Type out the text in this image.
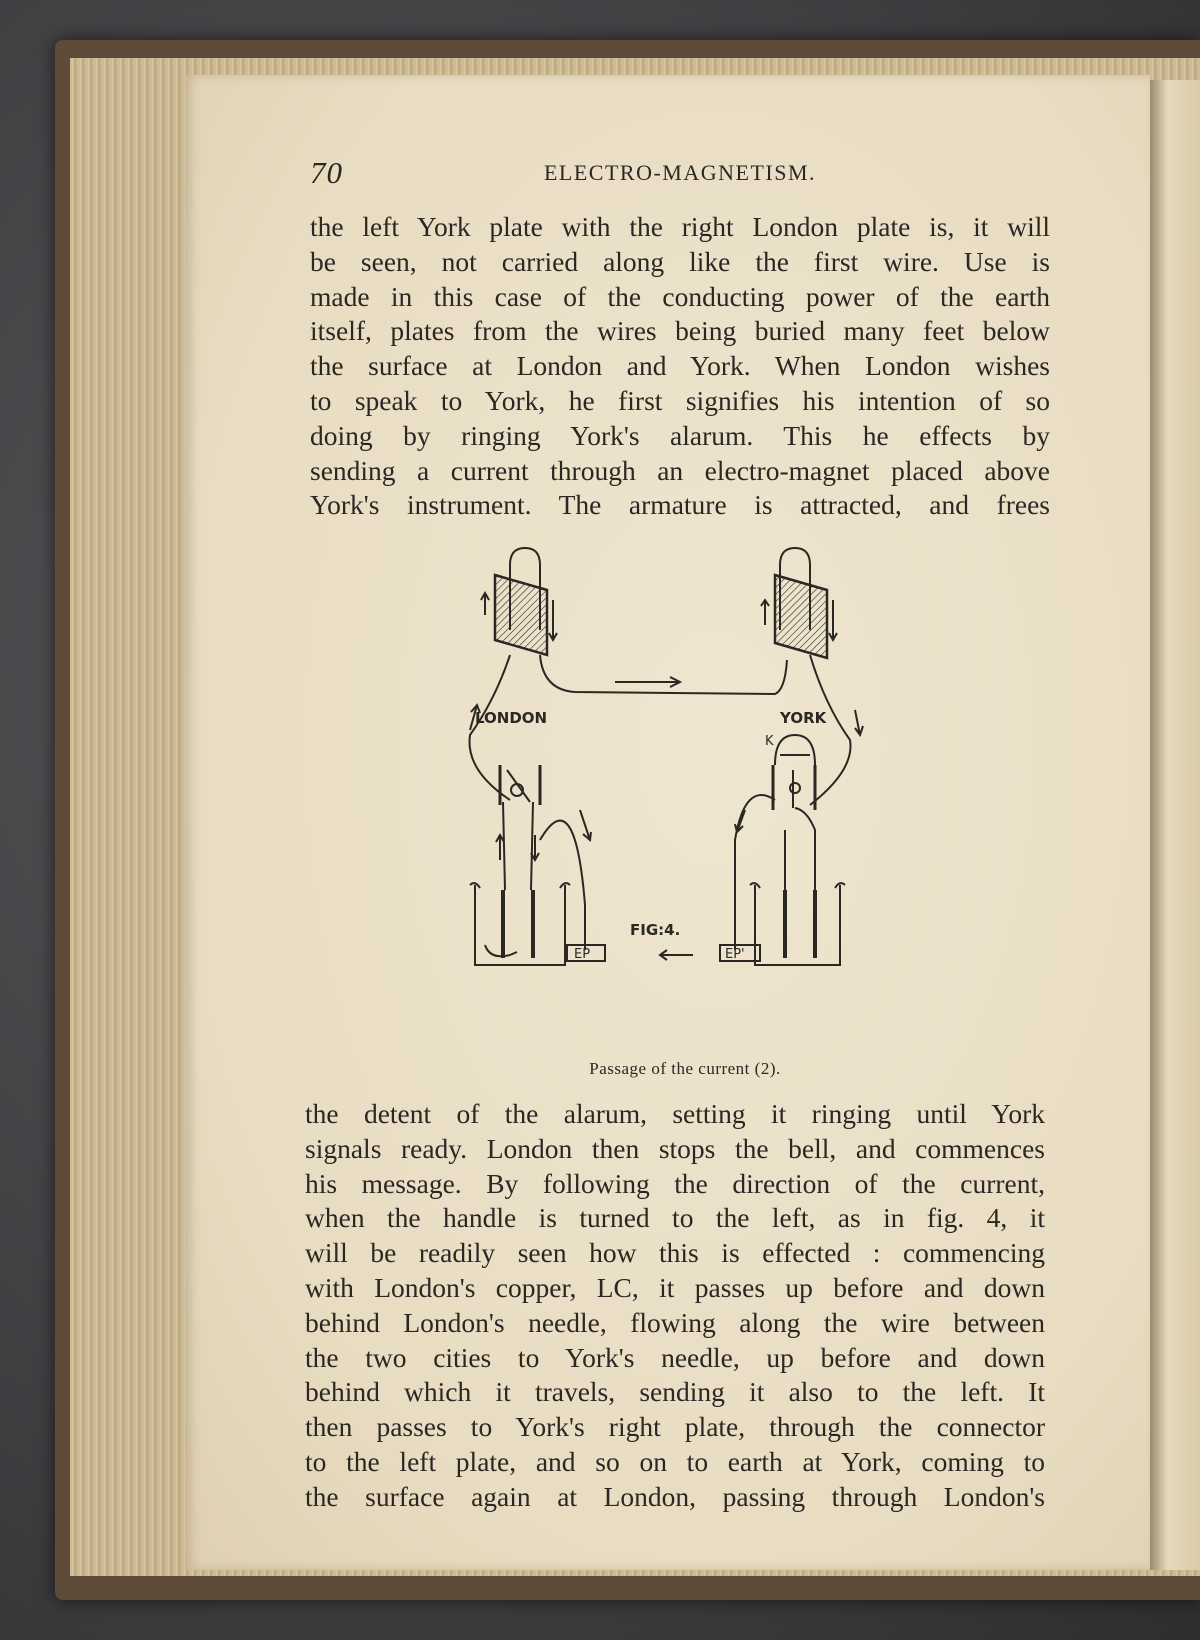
70	ELECTRO-MAGNETISM.
the left York plate with the right London plate is, it will
be seen, not carried along like the first wire. Use is
made in this case of the conducting power of the earth
itself, plates from the wires being buried many feet below
the surface at London and York. When London wishes
to speak to York, he first signifies his intention of so
doing by ringing York's alarum. This he effects by
sending a current through an electro-magnet placed above
York's instrument. The armature is attracted, and frees
LONDON	YORK
K
FIG:4.
EP	EP'
Passage of the current (2).
the detent of the alarum, setting it ringing until York
signals ready. London then stops the bell, and commences
his message. By following the direction of the current,
when the handle is turned to the left, as in fig. 4, it
will be readily seen how this is effected : commencing
with London's copper, LC, it passes up before and down
behind London's needle, flowing along the wire between
the two cities to York's needle, up before and down
behind which it travels, sending it also to the left. It
then passes to York's right plate, through the connector
to the left plate, and so on to earth at York, coming to
the surface again at London, passing through London's
